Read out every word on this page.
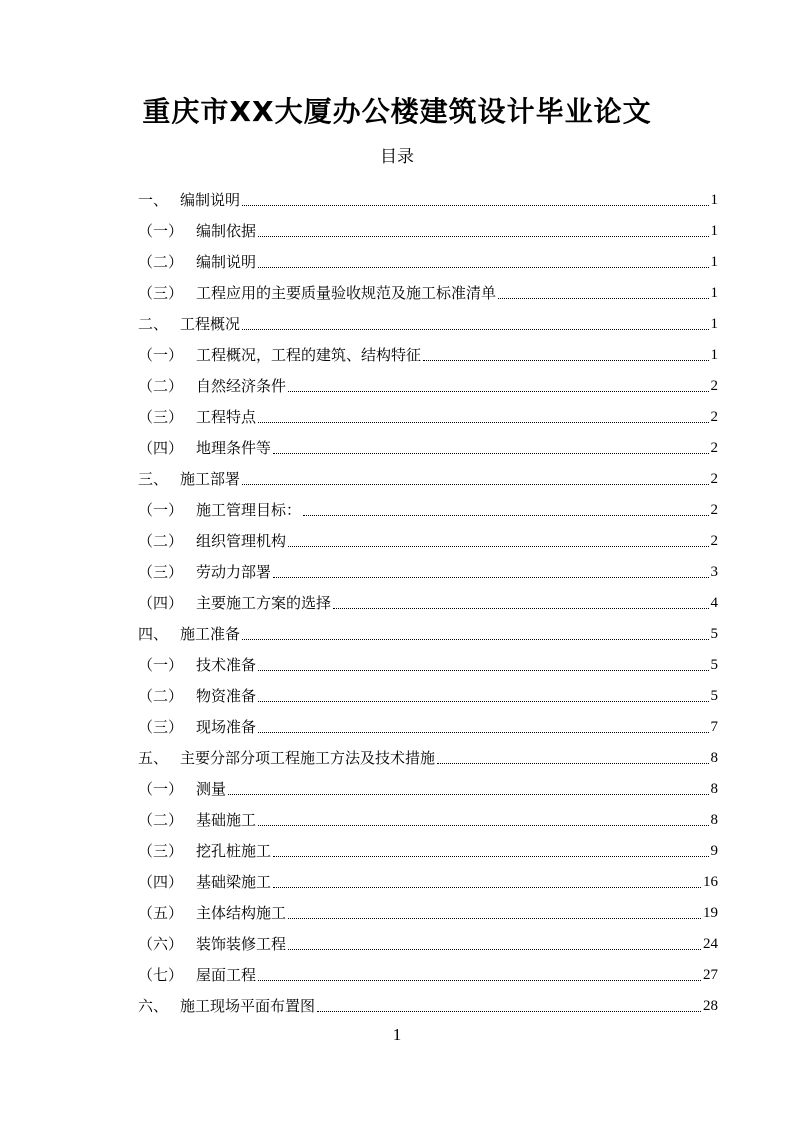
重庆市XX大厦办公楼建筑设计毕业论文
目录
一、 编制说明	1
（一） 编制依据	1
（二） 编制说明	1
（三） 工程应用的主要质量验收规范及施工标准清单	1
二、 工程概况	1
（一） 工程概况，工程的建筑、结构特征	1
（二） 自然经济条件	2
（三） 工程特点	2
（四） 地理条件等	2
三、 施工部署	2
（一） 施工管理目标：	2
（二） 组织管理机构	2
（三） 劳动力部署	3
（四） 主要施工方案的选择	4
四、 施工准备	5
（一） 技术准备	5
（二） 物资准备	5
（三） 现场准备	7
五、 主要分部分项工程施工方法及技术措施	8
（一） 测量	8
（二） 基础施工	8
（三） 挖孔桩施工	9
（四） 基础梁施工	16
（五） 主体结构施工	19
（六） 装饰装修工程	24
（七） 屋面工程	27
六、 施工现场平面布置图	28
1
